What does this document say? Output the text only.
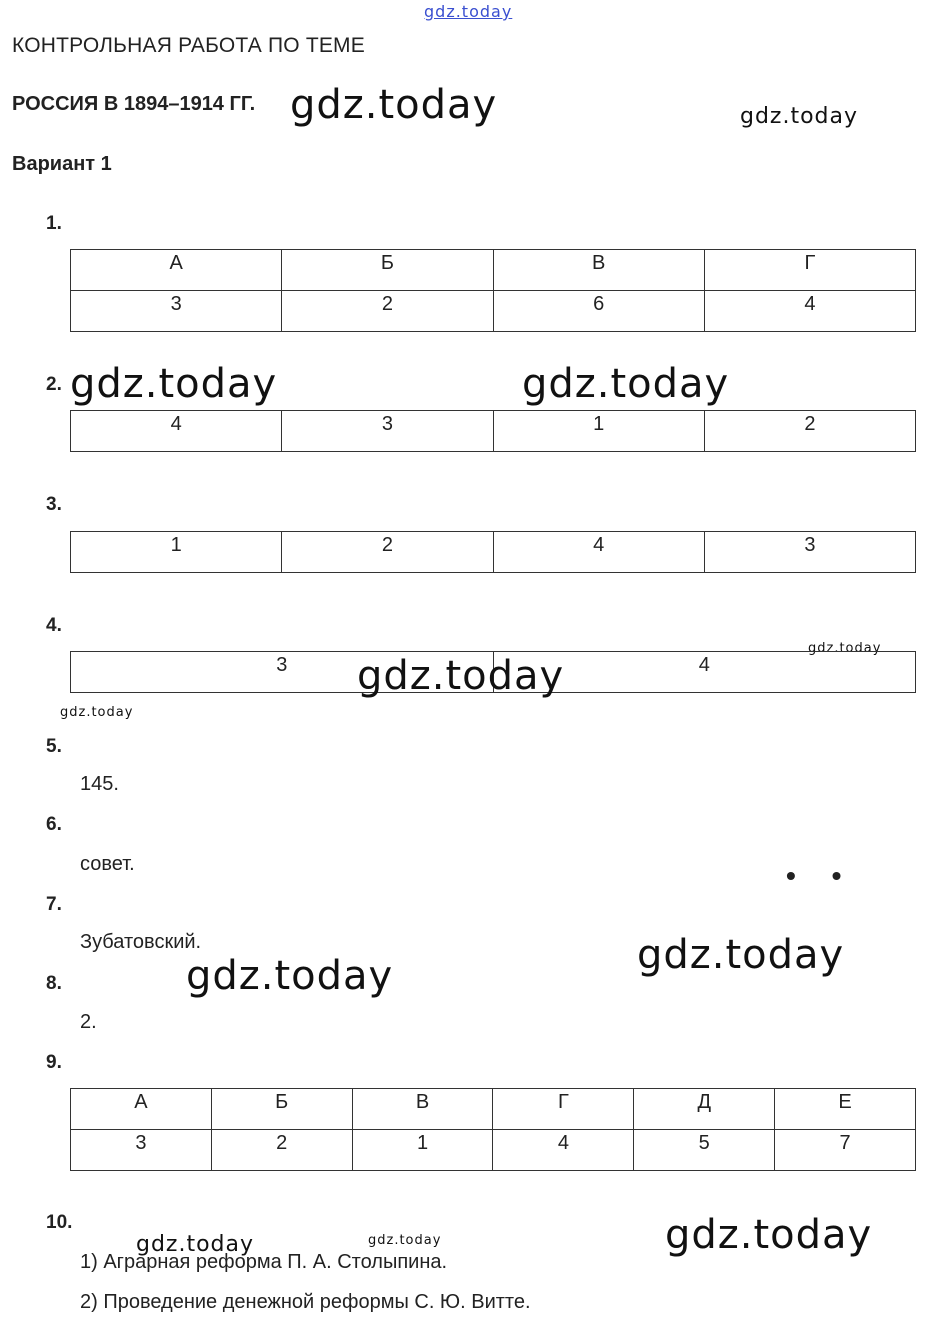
gdz.today
КОНТРОЛЬНАЯ РАБОТА ПО ТЕМЕ
РОССИЯ В 1894–1914 ГГ. gdz.today	gdz.today
Вариант 1
1.
А	Б	В	Г
3	2	6	4
2. gdz.today	gdz.today
4	3	1	2
3.
1	2	4	3
4.
gdz.today
3	4
gdz.today
gdz.today
5.
145.
6.
совет.	• •
7.
Зубатовский.	gdz.today
gdz.today
8.
2.
9.
А	Б	В	Г	Д	Е
3	2	1	4	5	7
10.
gdz.today
gdz.today	gdz.today
1) Аграрная реформа П. А. Столыпина.
2) Проведение денежной реформы С. Ю. Витте.
